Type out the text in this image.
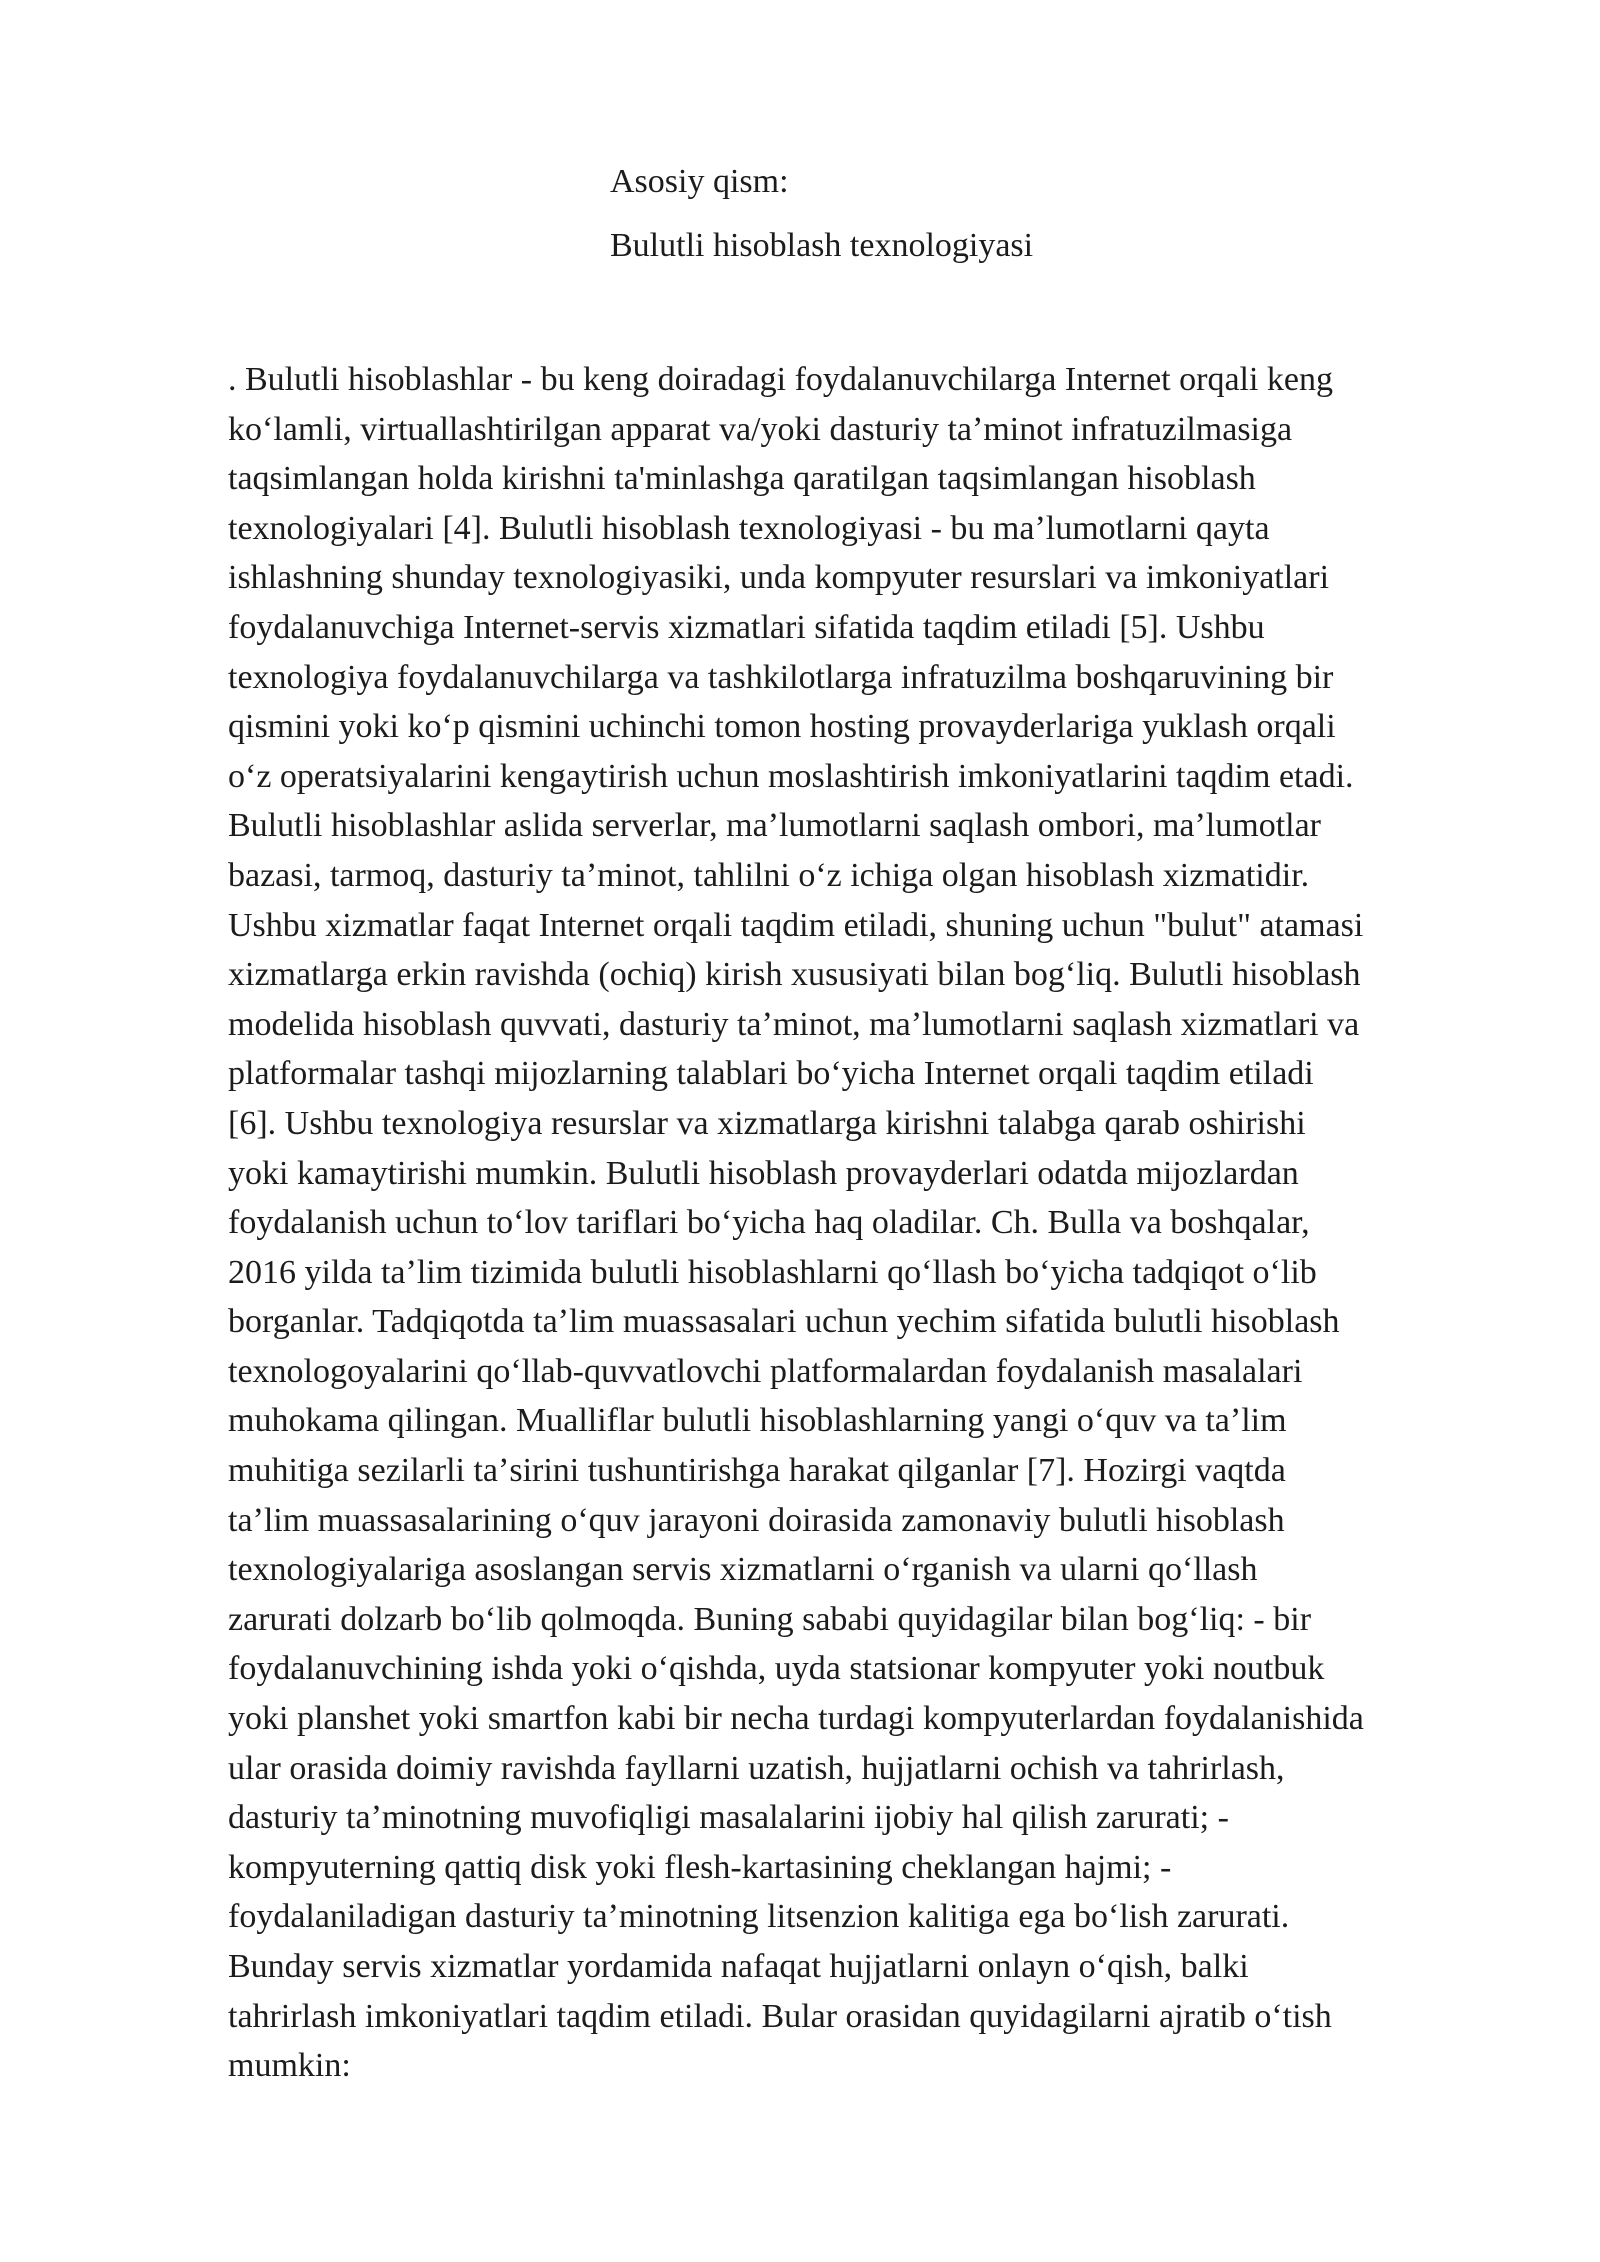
Asosiy qism:

Bulutli hisoblash texnologiyasi

. Bulutli hisoblashlar - bu keng doiradagi foydalanuvchilarga Internet orqali keng

koʻlamli, virtuallashtirilgan apparat va/yoki dasturiy taʼminot infratuzilmasiga

taqsimlangan holda kirishni ta'minlashga qaratilgan taqsimlangan hisoblash

texnologiyalari [4]. Bulutli hisoblash texnologiyasi - bu maʼlumotlarni qayta

ishlashning shunday texnologiyasiki, unda kompyuter resurslari va imkoniyatlari

foydalanuvchiga Internet-servis xizmatlari sifatida taqdim etiladi [5]. Ushbu

texnologiya foydalanuvchilarga va tashkilotlarga infratuzilma boshqaruvining bir

qismini yoki koʻp qismini uchinchi tomon hosting provayderlariga yuklash orqali

oʻz operatsiyalarini kengaytirish uchun moslashtirish imkoniyatlarini taqdim etadi.

Bulutli hisoblashlar aslida serverlar, maʼlumotlarni saqlash ombori, maʼlumotlar

bazasi, tarmoq, dasturiy taʼminot, tahlilni oʻz ichiga olgan hisoblash xizmatidir.

Ushbu xizmatlar faqat Internet orqali taqdim etiladi, shuning uchun "bulut" atamasi

xizmatlarga erkin ravishda (ochiq) kirish xususiyati bilan bogʻliq. Bulutli hisoblash

modelida hisoblash quvvati, dasturiy taʼminot, maʼlumotlarni saqlash xizmatlari va

platformalar tashqi mijozlarning talablari boʻyicha Internet orqali taqdim etiladi

[6]. Ushbu texnologiya resurslar va xizmatlarga kirishni talabga qarab oshirishi

yoki kamaytirishi mumkin. Bulutli hisoblash provayderlari odatda mijozlardan

foydalanish uchun toʻlov tariflari boʻyicha haq oladilar. Ch. Bulla va boshqalar,

2016 yilda taʼlim tizimida bulutli hisoblashlarni qoʻllash boʻyicha tadqiqot oʻlib

borganlar. Tadqiqotda taʼlim muassasalari uchun yechim sifatida bulutli hisoblash

texnologoyalarini qoʻllab-quvvatlovchi platformalardan foydalanish masalalari

muhokama qilingan. Mualliflar bulutli hisoblashlarning yangi oʻquv va taʼlim

muhitiga sezilarli taʼsirini tushuntirishga harakat qilganlar [7]. Hozirgi vaqtda

taʼlim muassasalarining oʻquv jarayoni doirasida zamonaviy bulutli hisoblash

texnologiyalariga asoslangan servis xizmatlarni oʻrganish va ularni qoʻllash

zarurati dolzarb boʻlib qolmoqda. Buning sababi quyidagilar bilan bogʻliq: - bir

foydalanuvchining ishda yoki oʻqishda, uyda statsionar kompyuter yoki noutbuk

yoki planshet yoki smartfon kabi bir necha turdagi kompyuterlardan foydalanishida

ular orasida doimiy ravishda fayllarni uzatish, hujjatlarni ochish va tahrirlash,

dasturiy taʼminotning muvofiqligi masalalarini ijobiy hal qilish zarurati; -

kompyuterning qattiq disk yoki flesh-kartasining cheklangan hajmi; -

foydalaniladigan dasturiy taʼminotning litsenzion kalitiga ega boʻlish zarurati.

Bunday servis xizmatlar yordamida nafaqat hujjatlarni onlayn oʻqish, balki

tahrirlash imkoniyatlari taqdim etiladi. Bular orasidan quyidagilarni ajratib oʻtish

mumkin:
